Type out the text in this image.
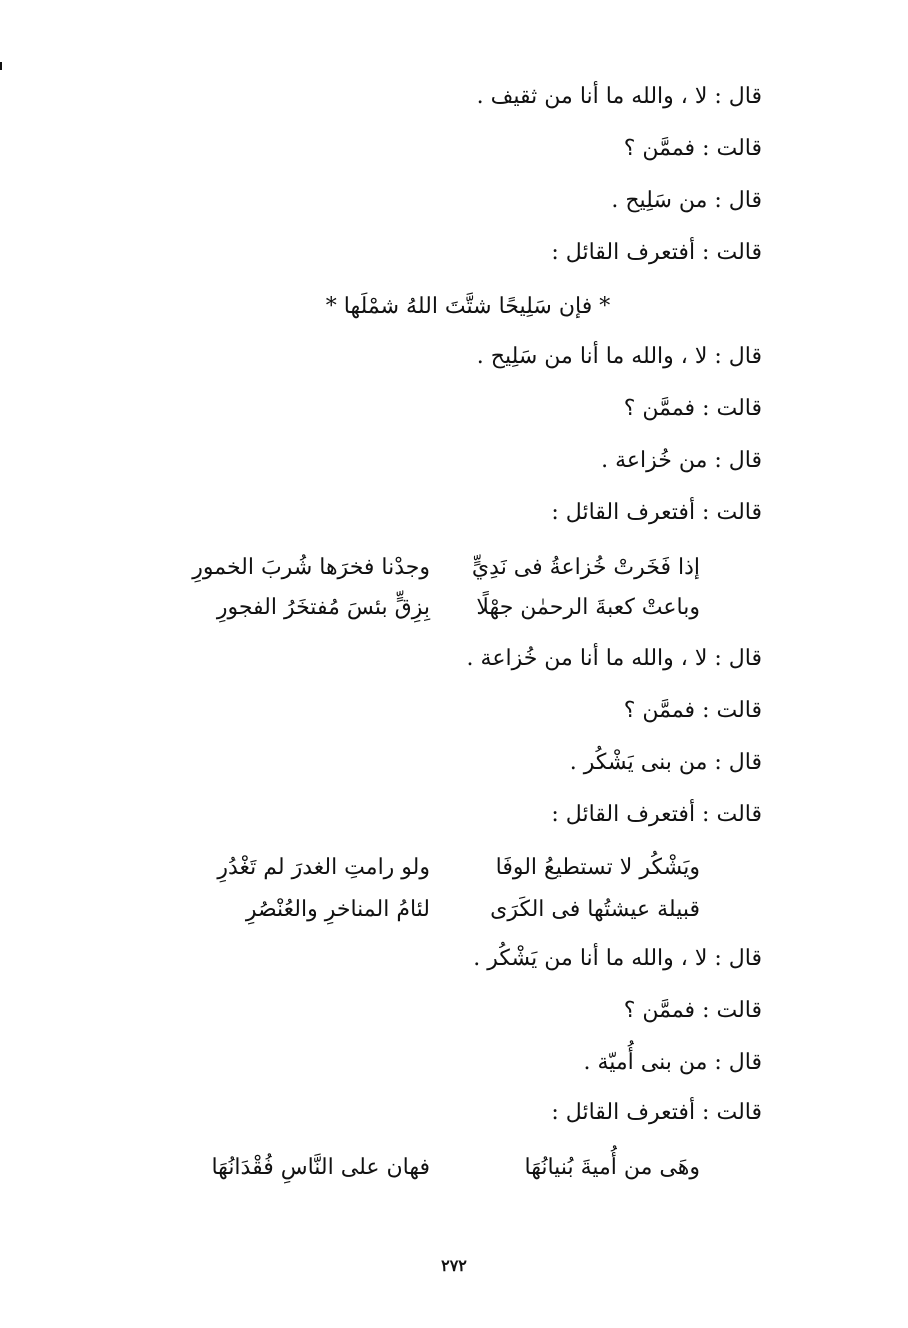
قال : لا ، والله ما أنا من ثقيف .
قالت : فممَّن ؟
قال : من سَلِيح .
قالت : أفتعرف القائل :
* فإن سَلِيحًا شتَّتَ اللهُ شمْلَها *
قال : لا ، والله ما أنا من سَلِيح .
قالت : فممَّن ؟
قال : من خُزاعة .
قالت : أفتعرف القائل :
إذا فَخَرتْ خُزاعةُ فى نَدِيٍّ
وجدْنا فخرَها شُربَ الخمورِ
وباعتْ كعبةَ الرحمٰن جهْلًا
بِزِقٍّ بئسَ مُفتخَرُ الفجورِ
قال : لا ، والله ما أنا من خُزاعة .
قالت : فممَّن ؟
قال : من بنى يَشْكُر .
قالت : أفتعرف القائل :
ويَشْكُر لا تستطيعُ الوفَا
ولو رامتِ الغدرَ لم تَغْدُرِ
قبيلة عيشتُها فى الكَرَى
لئامُ المناخرِ والعُنْصُرِ
قال : لا ، والله ما أنا من يَشْكُر .
قالت : فممَّن ؟
قال : من بنى أُميّة .
قالت : أفتعرف القائل :
وهَى من أُميةَ بُنيانُهَا
فهان على النَّاسِ فُقْدَانُهَا
٢٧٢
